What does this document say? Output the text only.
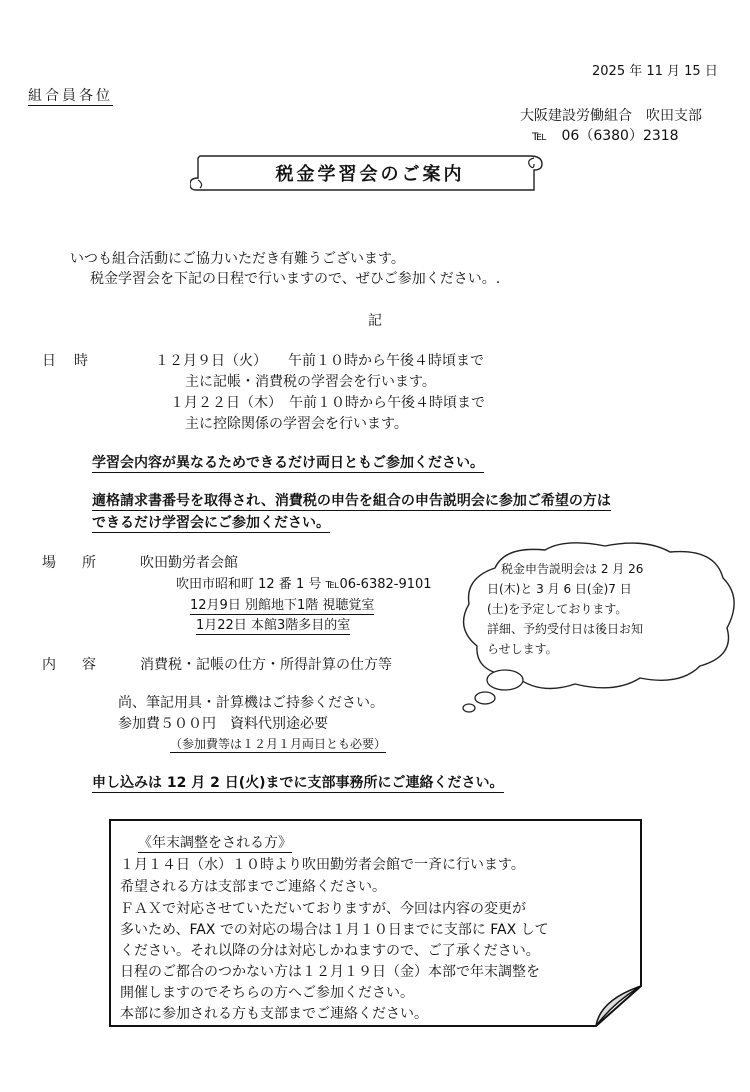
2025 年 11 月 15 日
組合員各位
大阪建設労働組合　吹田支部
℡ 06（6380）2318
税金学習会のご案内
いつも組合活動にご協力いただき有難うございます。
税金学習会を下記の日程で行いますので、ぜひご参加ください。.
記
日　時	１２月９日（火）　　午前１０時から午後４時頃まで
主に記帳・消費税の学習会を行います。
１月２２日（木）　午前１０時から午後４時頃まで
主に控除関係の学習会を行います。
学習会内容が異なるためできるだけ両日ともご参加ください。
適格請求書番号を取得され、消費税の申告を組合の申告説明会に参加ご希望の方は
できるだけ学習会にご参加ください。
場　所	吹田勤労者会館
吹田市昭和町 12 番 1 号 ℡06-6382-9101
12月9日 別館地下1階 視聴覚室
1月22日 本館3階多目的室
内　容	消費税・記帳の仕方・所得計算の仕方等
尚、筆記用具・計算機はご持参ください。
参加費５００円　資料代別途必要
（参加費等は１２月１月両日とも必要）
申し込みは 12 月 2 日(火)までに支部事務所にご連絡ください。
税金申告説明会は 2 月 26
日(木)と 3 月 6 日(金)7 日
(土)を予定しております。
詳細、予約受付日は後日お知
らせします。
《年末調整をされる方》
１月１４日（水）１０時より吹田勤労者会館で一斉に行います。
希望される方は支部までご連絡ください。
ＦＡＸで対応させていただいておりますが、今回は内容の変更が
多いため、FAX での対応の場合は１月１０日までに支部に FAX して
ください。それ以降の分は対応しかねますので、ご了承ください。
日程のご都合のつかない方は１２月１９日（金）本部で年末調整を
開催しますのでそちらの方へご参加ください。
本部に参加される方も支部までご連絡ください。
